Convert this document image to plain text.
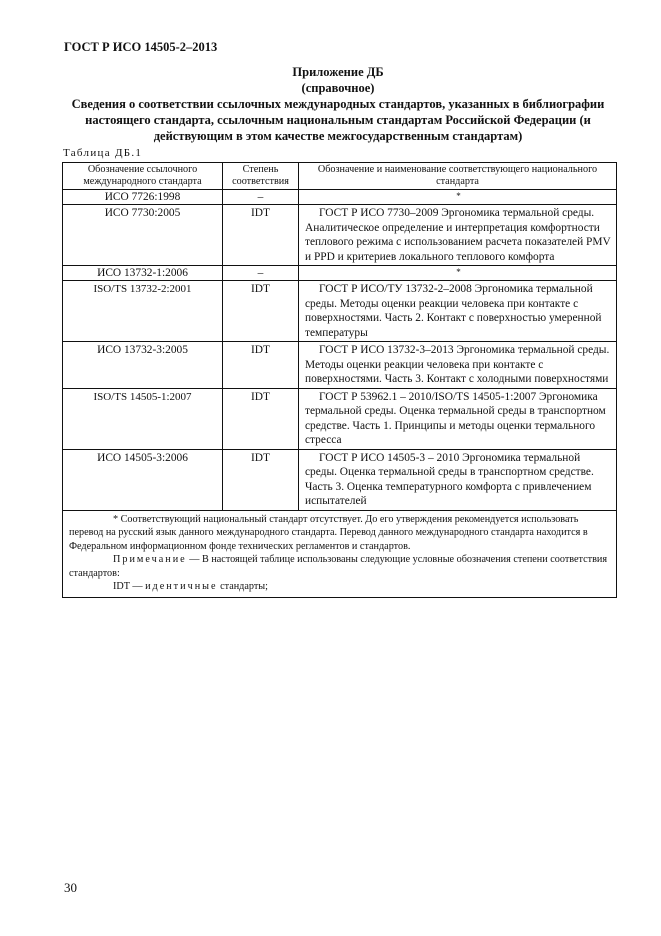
ГОСТ Р ИСО 14505-2–2013
Приложение ДБ
(справочное)
Сведения о соответствии ссылочных международных стандартов, указанных в библиографии
настоящего стандарта, ссылочным национальным стандартам Российской Федерации (и
действующим в этом качестве межгосударственным стандартам)
Таблица ДБ.1
Обозначение ссылочного международного стандарта	Степень соответствия	Обозначение и наименование соответствующего национального стандарта
ИСО 7726:1998	–	*
ИСО 7730:2005	IDT	ГОСТ Р ИСО 7730–2009 Эргономика термальной среды. Аналитическое определение и интерпретация комфортности теплового режима с использованием расчета показателей PMV и PPD и критериев локального теплового комфорта
ИСО 13732-1:2006	–	*
ISO/TS 13732-2:2001	IDT	ГОСТ Р ИСО/ТУ 13732-2–2008 Эргономика термальной среды. Методы оценки реакции человека при контакте с поверхностями. Часть 2. Контакт с поверхностью умеренной температуры
ИСО 13732-3:2005	IDT	ГОСТ Р ИСО 13732-3–2013 Эргономика термальной среды. Методы оценки реакции человека при контакте с поверхностями. Часть 3. Контакт с холодными поверхностями
ISO/TS 14505-1:2007	IDT	ГОСТ Р 53962.1 – 2010/ISO/TS 14505-1:2007 Эргономика термальной среды. Оценка термальной среды в транспортном средстве. Часть 1. Принципы и методы оценки термального стресса
ИСО 14505-3:2006	IDT	ГОСТ Р ИСО 14505-3 – 2010 Эргономика термальной среды. Оценка термальной среды в транспортном средстве. Часть 3. Оценка температурного комфорта с привлечением испытателей

* Соответствующий национальный стандарт отсутствует. До его утверждения рекомендуется использовать перевод на русский язык данного международного стандарта. Перевод данного международного стандарта находится в Федеральном информационном фонде технических регламентов и стандартов.
Примечание — В настоящей таблице использованы следующие условные обозначения степени соответствия стандартов:
IDT — идентичные стандарты;		
30
